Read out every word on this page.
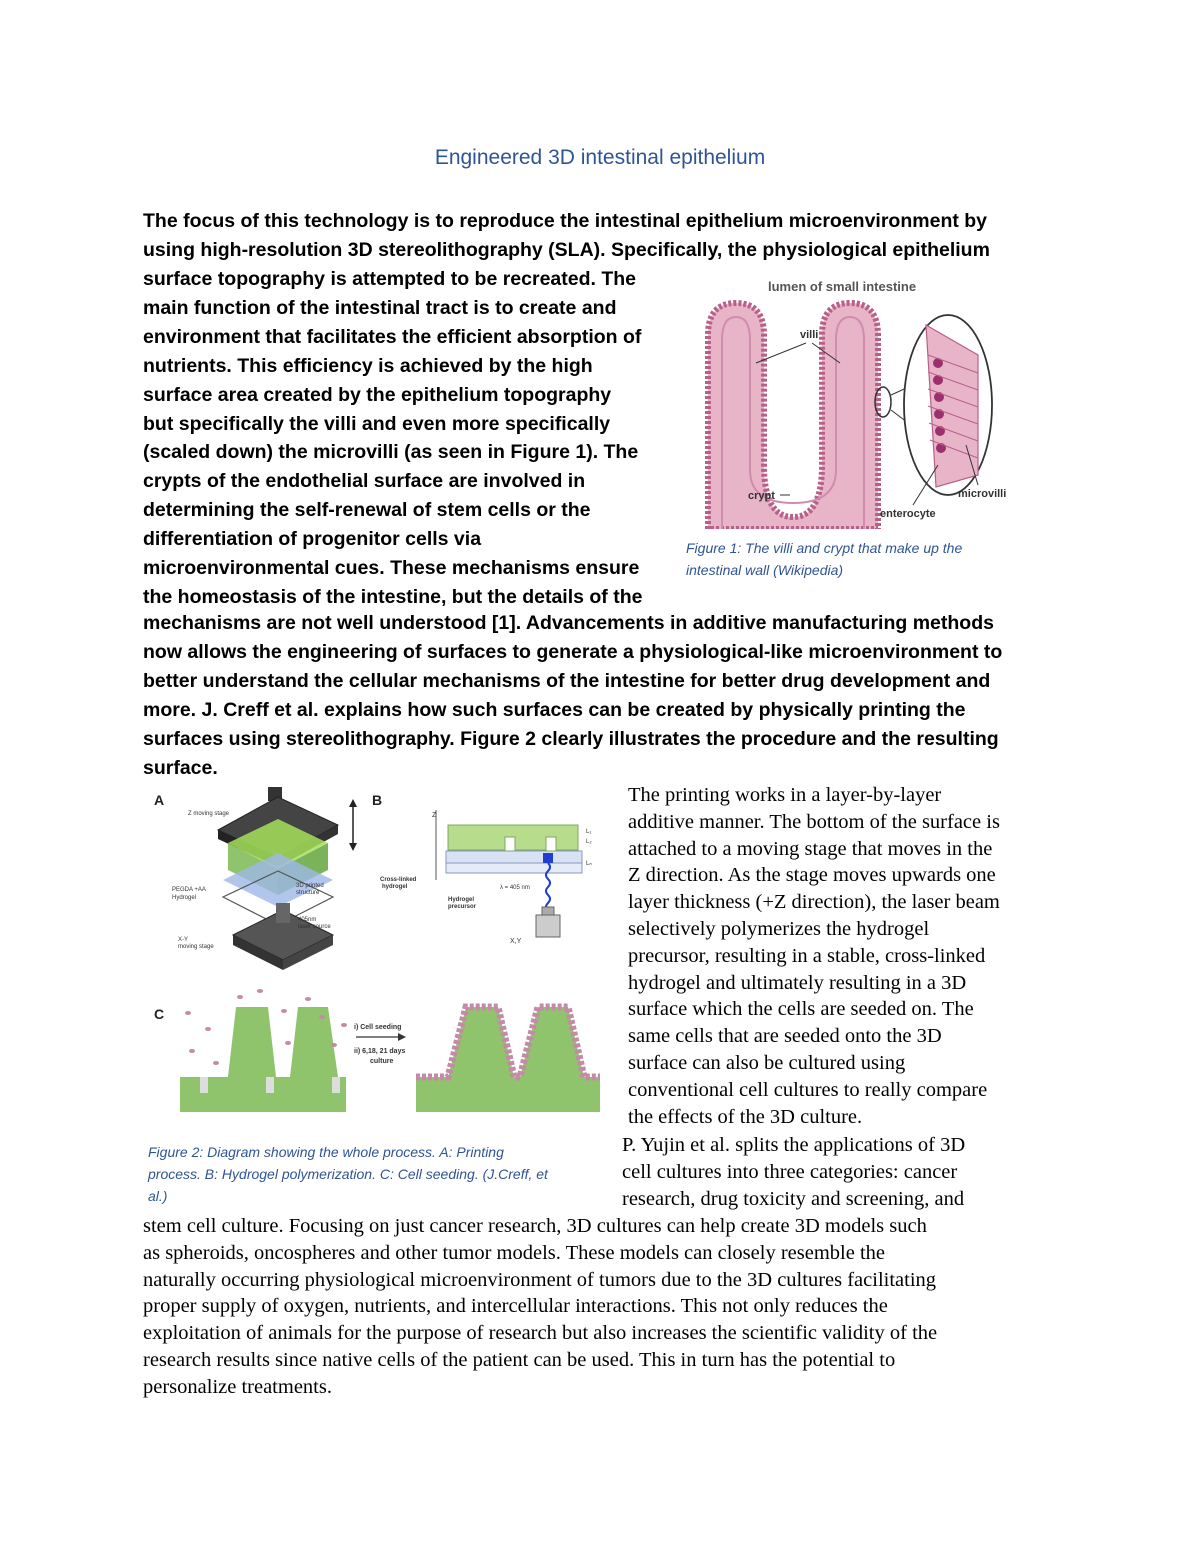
Engineered 3D intestinal epithelium
The focus of this technology is to reproduce the intestinal epithelium microenvironment by
using high-resolution 3D stereolithography (SLA). Specifically, the physiological epithelium
surface topography is attempted to be recreated. The
main function of the intestinal tract is to create and
environment that facilitates the efficient absorption of
nutrients. This efficiency is achieved by the high
surface area created by the epithelium topography
but specifically the villi and even more specifically
(scaled down) the microvilli (as seen in Figure 1). The
crypts of the endothelial surface are involved in
determining the self-renewal of stem cells or the
differentiation of progenitor cells via
microenvironmental cues. These mechanisms ensure
the homeostasis of the intestine, but the details of the
mechanisms are not well understood [1]. Advancements in additive manufacturing methods
now allows the engineering of surfaces to generate a physiological-like microenvironment to
better understand the cellular mechanisms of the intestine for better drug development and
more. J. Creff et al. explains how such surfaces can be created by physically printing the
surfaces using stereolithography. Figure 2 clearly illustrates the procedure and the resulting
surface.
lumen of small intestine
villi
crypt
enterocyte
microvilli
Figure 1: The villi and crypt that make up the
intestinal wall (Wikipedia)
A
Z moving stage
PEGDA +AA
Hydrogel
3D printed
structure
405nm
laser source
X-Y
moving stage
B
Z
L₁
L₂
Lₙ
Cross-linked
hydrogel
Hydrogel
precursor
λ = 405 nm
X,Y
C
i) Cell seeding
ii) 6,18, 21 days
culture
Figure 2: Diagram showing the whole process. A: Printing
process. B: Hydrogel polymerization. C: Cell seeding. (J.Creff, et
al.)
The printing works in a layer-by-layer
additive manner. The bottom of the surface is
attached to a moving stage that moves in the
Z direction. As the stage moves upwards one
layer thickness (+Z direction), the laser beam
selectively polymerizes the hydrogel
precursor, resulting in a stable, cross-linked
hydrogel and ultimately resulting in a 3D
surface which the cells are seeded on. The
same cells that are seeded onto the 3D
surface can also be cultured using
conventional cell cultures to really compare
the effects of the 3D culture.
P. Yujin et al. splits the applications of 3D
cell cultures into three categories: cancer
research, drug toxicity and screening, and
stem cell culture. Focusing on just cancer research, 3D cultures can help create 3D models such
as spheroids, oncospheres and other tumor models. These models can closely resemble the
naturally occurring physiological microenvironment of tumors due to the 3D cultures facilitating
proper supply of oxygen, nutrients, and intercellular interactions. This not only reduces the
exploitation of animals for the purpose of research but also increases the scientific validity of the
research results since native cells of the patient can be used. This in turn has the potential to
personalize treatments.
